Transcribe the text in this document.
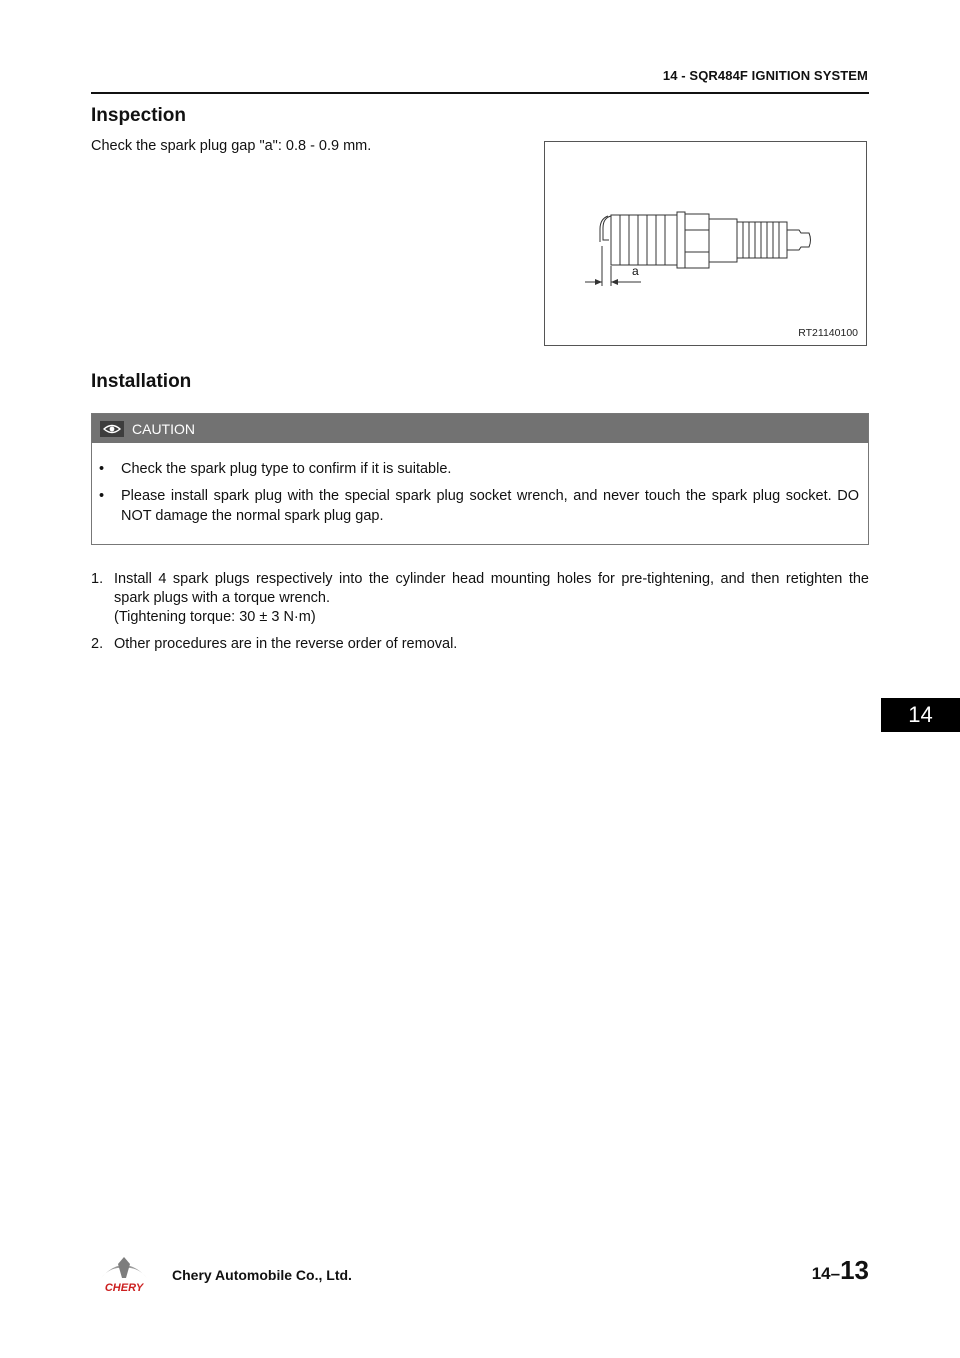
14 - SQR484F IGNITION SYSTEM
Inspection

Check the spark plug gap "a": 0.8 - 0.9 mm.

a
RT21140100
Installation
CAUTION

• Check the spark plug type to confirm if it is suitable.

• Please install spark plug with the special spark plug socket wrench, and never touch the spark plug socket. DO NOT damage the normal spark plug gap.

1. Install 4 spark plugs respectively into the cylinder head mounting holes for pre-tightening, and then retighten the spark plugs with a torque wrench.
(Tightening torque: 30 ± 3 N·m)

2. Other procedures are in the reverse order of removal.

14
CHERY
Chery Automobile Co., Ltd.	14–13
